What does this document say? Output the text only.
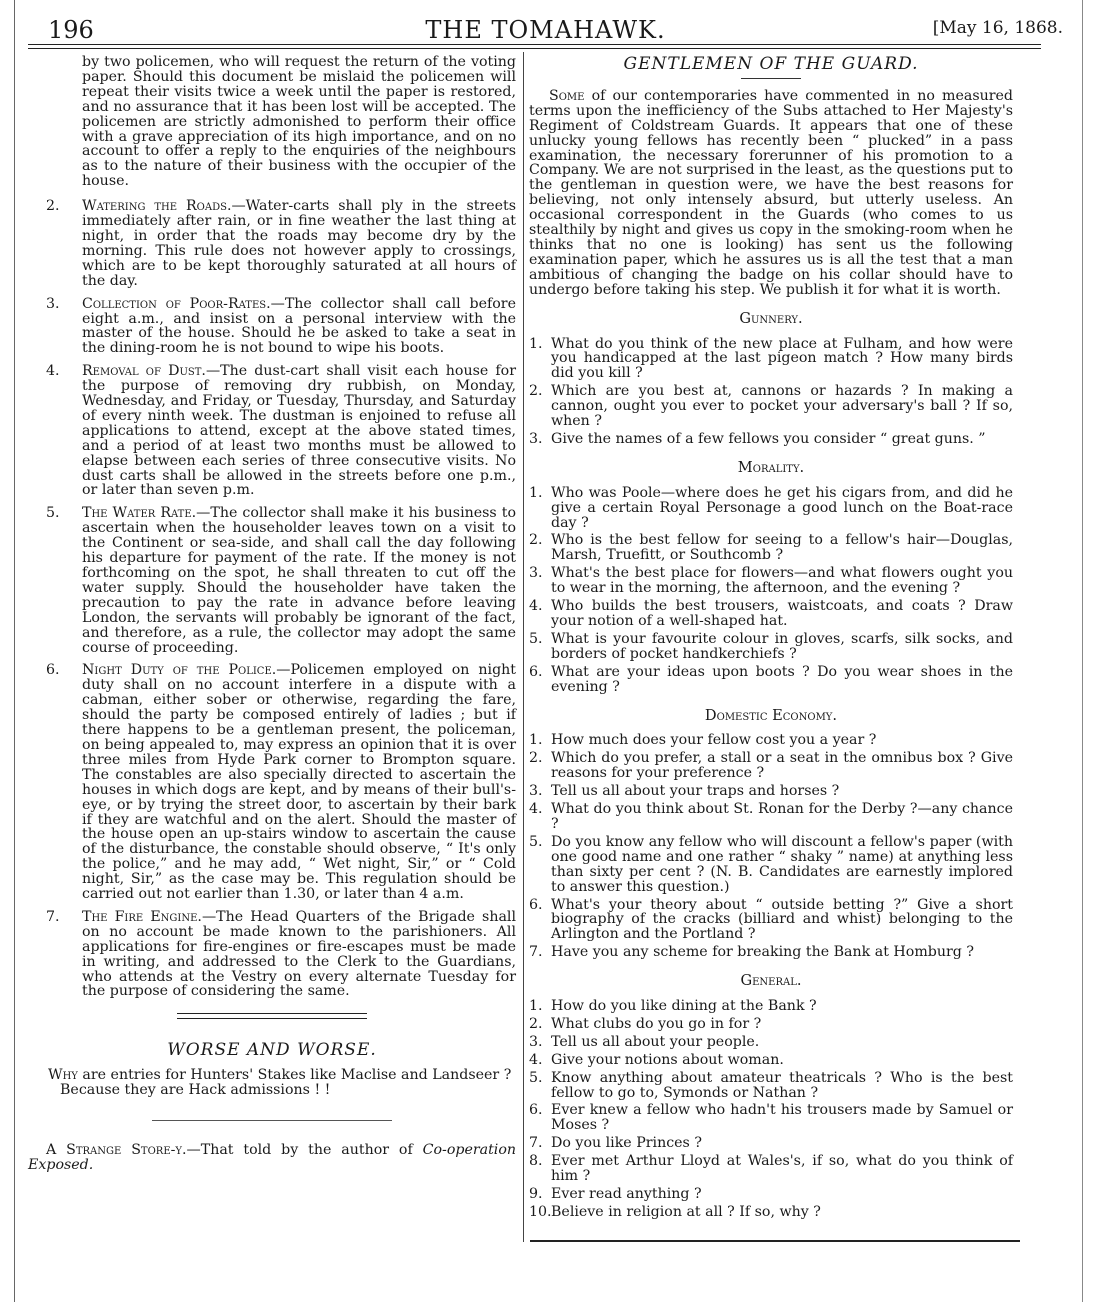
196	THE TOMAHAWK.	[May 16, 1868.

by two policemen, who will request the return of the voting paper. Should this document be mislaid the policemen will repeat their visits twice a week until the paper is restored, and no assurance that it has been lost will be accepted. The policemen are strictly admonished to perform their office with a grave appreciation of its high importance, and on no account to offer a reply to the enquiries of the neighbours as to the nature of their business with the occupier of the house.

2. Watering the Roads.—Water-carts shall ply in the streets immediately after rain, or in fine weather the last thing at night, in order that the roads may become dry by the morning. This rule does not however apply to crossings, which are to be kept thoroughly saturated at all hours of the day.
3. Collection of Poor-Rates.—The collector shall call before eight a.m., and insist on a personal interview with the master of the house. Should he be asked to take a seat in the dining-room he is not bound to wipe his boots.
4. Removal of Dust.—The dust-cart shall visit each house for the purpose of removing dry rubbish, on Monday, Wednesday, and Friday, or Tuesday, Thursday, and Saturday of every ninth week. The dustman is enjoined to refuse all applications to attend, except at the above stated times, and a period of at least two months must be allowed to elapse between each series of three consecutive visits. No dust carts shall be allowed in the streets before one p.m., or later than seven p.m.
5. The Water Rate.—The collector shall make it his business to ascertain when the householder leaves town on a visit to the Continent or sea-side, and shall call the day following his departure for payment of the rate. If the money is not forthcoming on the spot, he shall threaten to cut off the water supply. Should the householder have taken the precaution to pay the rate in advance before leaving London, the servants will probably be ignorant of the fact, and therefore, as a rule, the collector may adopt the same course of proceeding.
6. Night Duty of the Police.—Policemen employed on night duty shall on no account interfere in a dispute with a cabman, either sober or otherwise, regarding the fare, should the party be composed entirely of ladies ; but if there happens to be a gentleman present, the policeman, on being appealed to, may express an opinion that it is over three miles from Hyde Park corner to Brompton square. The constables are also specially directed to ascertain the houses in which dogs are kept, and by means of their bull's-eye, or by trying the street door, to ascertain by their bark if they are watchful and on the alert. Should the master of the house open an up-stairs window to ascertain the cause of the disturbance, the constable should observe, “ It's only the police,” and he may add, “ Wet night, Sir,” or “ Cold night, Sir,” as the case may be. This regulation should be carried out not earlier than 1.30, or later than 4 a.m.
7. The Fire Engine.—The Head Quarters of the Brigade shall on no account be made known to the parishioners. All applications for fire-engines or fire-escapes must be made in writing, and addressed to the Clerk to the Guardians, who attends at the Vestry on every alternate Tuesday for the purpose of considering the same.
WORSE AND WORSE.

Why are entries for Hunters' Stakes like Maclise and Landseer ?

Because they are Hack admissions ! !

A Strange Store-y.—That told by the author of Co-operation Exposed.

GENTLEMEN OF THE GUARD.

Some of our contemporaries have commented in no measured terms upon the inefficiency of the Subs attached to Her Majesty's Regiment of Coldstream Guards. It appears that one of these unlucky young fellows has recently been “ plucked” in a pass examination, the necessary forerunner of his promotion to a Company. We are not surprised in the least, as the questions put to the gentleman in question were, we have the best reasons for believing, not only intensely absurd, but utterly useless. An occasional correspondent in the Guards (who comes to us stealthily by night and gives us copy in the smoking-room when he thinks that no one is looking) has sent us the following examination paper, which he assures us is all the test that a man ambitious of changing the badge on his collar should have to undergo before taking his step. We publish it for what it is worth.

Gunnery.
1. What do you think of the new place at Fulham, and how were you handicapped at the last pigeon match ? How many birds did you kill ?
2. Which are you best at, cannons or hazards ? In making a cannon, ought you ever to pocket your adversary's ball ? If so, when ?
3. Give the names of a few fellows you consider “ great guns. ”
Morality.
1. Who was Poole—where does he get his cigars from, and did he give a certain Royal Personage a good lunch on the Boat-race day ?
2. Who is the best fellow for seeing to a fellow's hair—Douglas, Marsh, Truefitt, or Southcomb ?
3. What's the best place for flowers—and what flowers ought you to wear in the morning, the afternoon, and the evening ?
4. Who builds the best trousers, waistcoats, and coats ? Draw your notion of a well-shaped hat.
5. What is your favourite colour in gloves, scarfs, silk socks, and borders of pocket handkerchiefs ?
6. What are your ideas upon boots ? Do you wear shoes in the evening ?
Domestic Economy.
1. How much does your fellow cost you a year ?
2. Which do you prefer, a stall or a seat in the omnibus box ? Give reasons for your preference ?
3. Tell us all about your traps and horses ?
4. What do you think about St. Ronan for the Derby ?—any chance ?
5. Do you know any fellow who will discount a fellow's paper (with one good name and one rather “ shaky ” name) at anything less than sixty per cent ? (N. B. Candidates are earnestly implored to answer this question.)
6. What's your theory about “ outside betting ?” Give a short biography of the cracks (billiard and whist) belonging to the Arlington and the Portland ?
7. Have you any scheme for breaking the Bank at Homburg ?
General.
1. How do you like dining at the Bank ?
2. What clubs do you go in for ?
3. Tell us all about your people.
4. Give your notions about woman.
5. Know anything about amateur theatricals ? Who is the best fellow to go to, Symonds or Nathan ?
6. Ever knew a fellow who hadn't his trousers made by Samuel or Moses ?
7. Do you like Princes ?
8. Ever met Arthur Lloyd at Wales's, if so, what do you think of him ?
9. Ever read anything ?
10. Believe in religion at all ? If so, why ?
